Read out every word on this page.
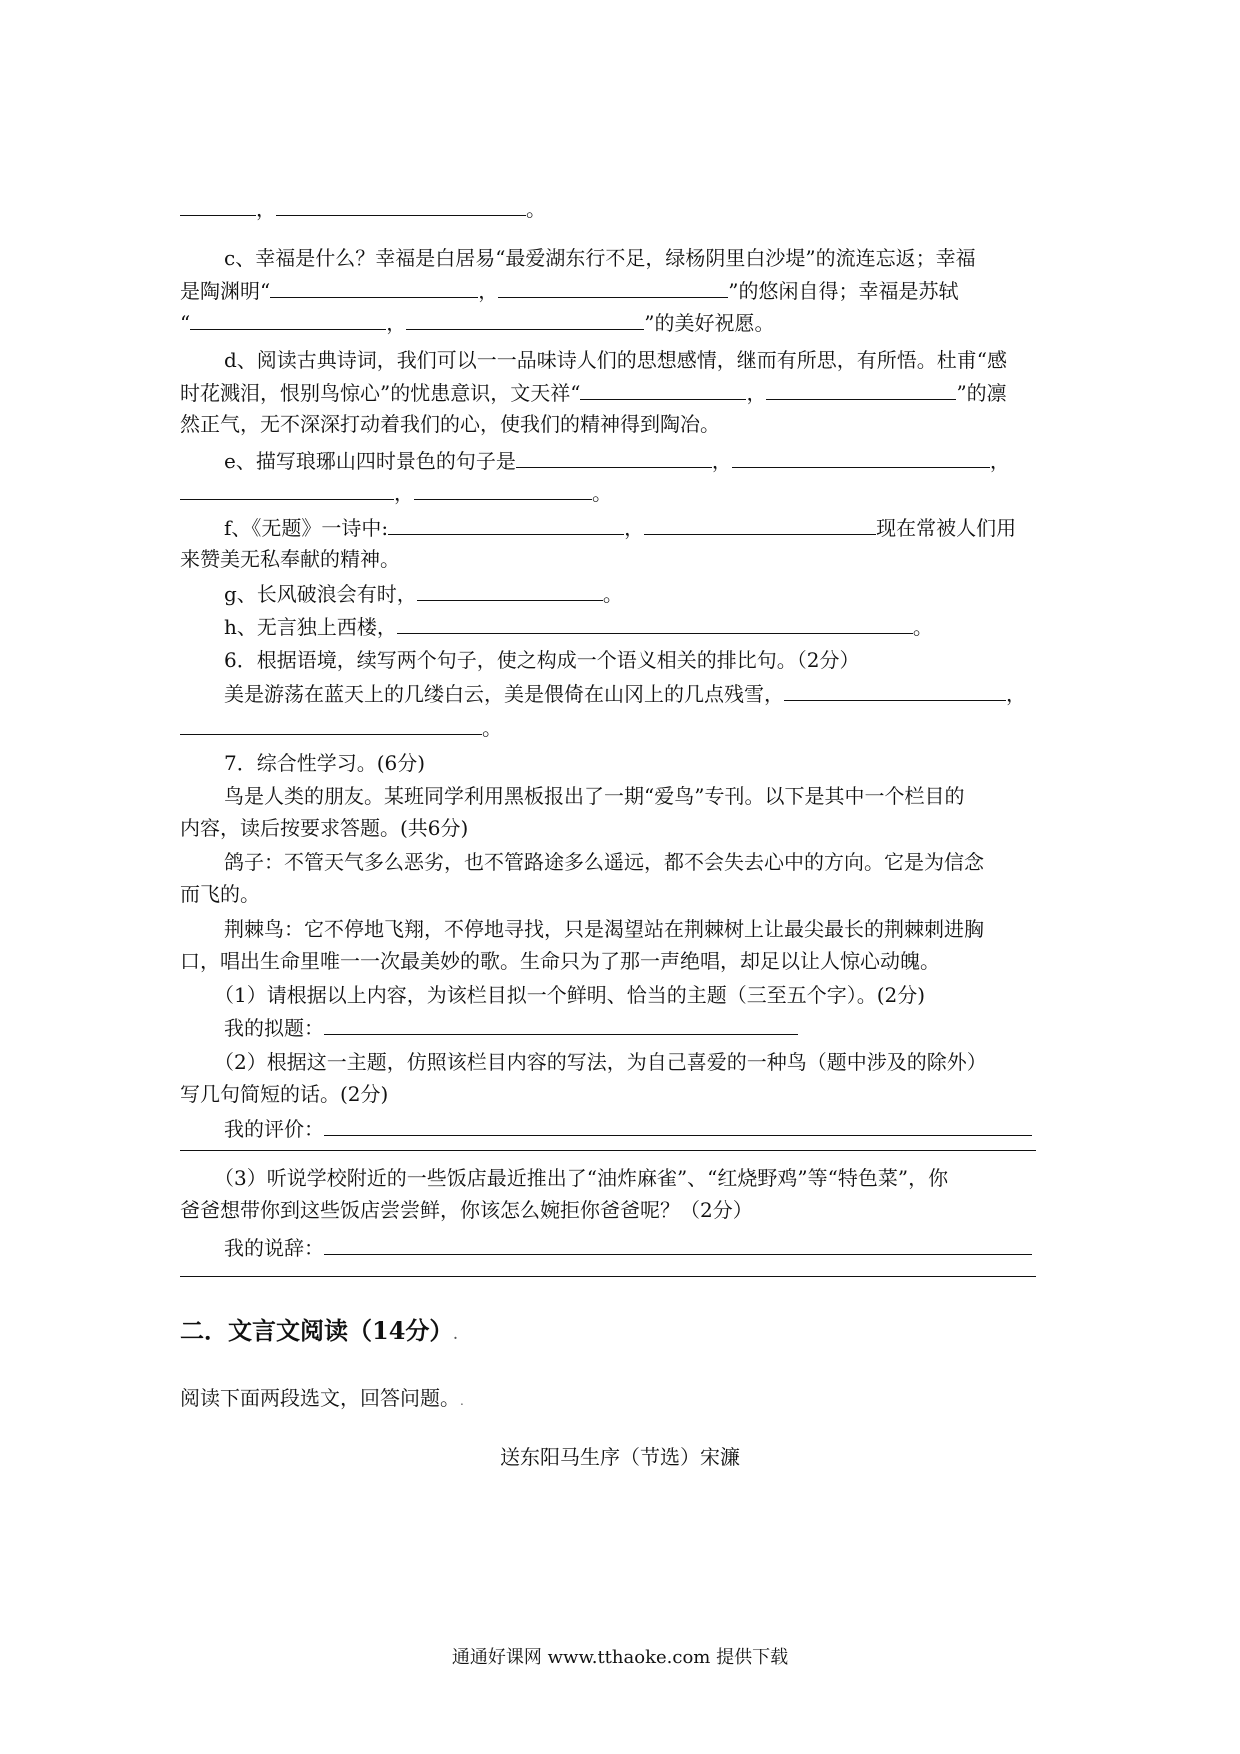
，	。
c、幸福是什么？幸福是白居易“最爱湖东行不足，绿杨阴里白沙堤”的流连忘返；幸福
是陶渊明“	，	”的悠闲自得；幸福是苏轼
“	，	”的美好祝愿。
d、阅读古典诗词，我们可以一一品味诗人们的思想感情，继而有所思，有所悟。杜甫“感
时花溅泪，恨别鸟惊心”的忧患意识，文天祥“	，	”的凛
然正气，无不深深打动着我们的心，使我们的精神得到陶冶。
e、描写琅琊山四时景色的句子是	，	，
，	。
f、《无题》一诗中:	，	现在常被人们用
来赞美无私奉献的精神。
g、长风破浪会有时，	。
h、无言独上西楼，	。
6．根据语境，续写两个句子，使之构成一个语义相关的排比句。（2分）
美是游荡在蓝天上的几缕白云，美是偎倚在山冈上的几点残雪，	，
。
7．综合性学习。(6分)
鸟是人类的朋友。某班同学利用黑板报出了一期“爱鸟”专刊。以下是其中一个栏目的
内容，读后按要求答题。(共6分)
鸽子：不管天气多么恶劣，也不管路途多么遥远，都不会失去心中的方向。它是为信念
而飞的。
荆棘鸟：它不停地飞翔，不停地寻找，只是渴望站在荆棘树上让最尖最长的荆棘刺进胸
口，唱出生命里唯一一次最美妙的歌。生命只为了那一声绝唱，却足以让人惊心动魄。
（1）请根据以上内容，为该栏目拟一个鲜明、恰当的主题（三至五个字）。(2分)
我的拟题：
（2）根据这一主题，仿照该栏目内容的写法，为自己喜爱的一种鸟（题中涉及的除外）
写几句简短的话。(2分)
我的评价：
（3）听说学校附近的一些饭店最近推出了“油炸麻雀”、“红烧野鸡”等“特色菜”，你
爸爸想带你到这些饭店尝尝鲜，你该怎么婉拒你爸爸呢？（2分）
我的说辞：
二．文言文阅读（14分）.
阅读下面两段选文，回答问题。.
送东阳马生序（节选）宋濂
通通好课网 www.tthaoke.com 提供下载
